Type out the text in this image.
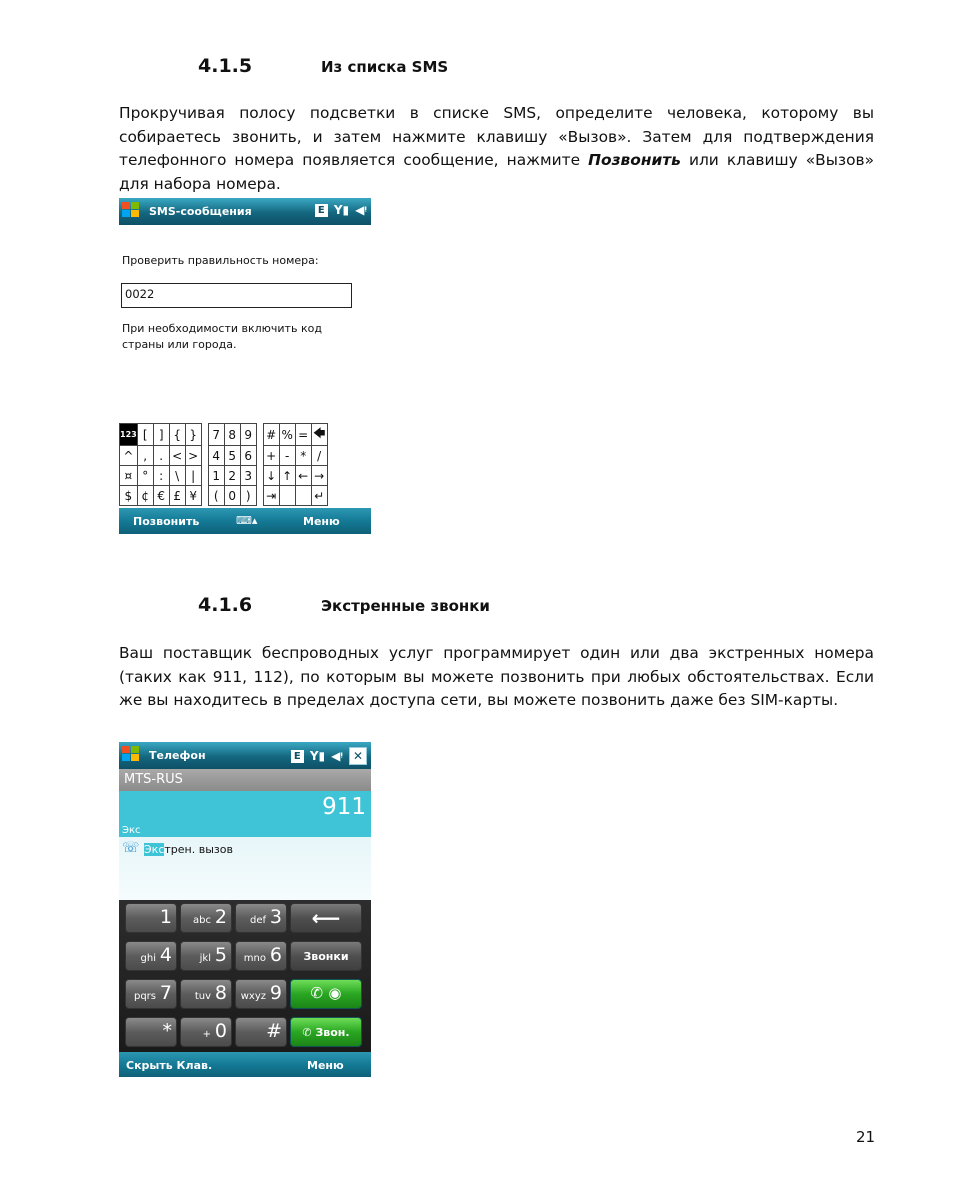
4.1.5	Из списка SMS
Прокручивая полосу подсветки в списке SMS, определите человека, которому вы собираетесь звонить, и затем нажмите клавишу «Вызов». Затем для подтверждения телефонного номера появляется сообщение, нажмите Позвонить или клавишу «Вызов» для набора номера.
SMS-сообщения	E Y▮ ◀ᵎ
Проверить правильность номера:
0022
При необходимости включить код
страны или города.
123	[	]	{	}		7	8	9		#	%	=	🡄
^	,	.	<	>		4	5	6		+	-	*	/
¤	°	:	\	|		1	2	3		↓	↑	←	→
$	¢	€	£	¥		(	0	)		⇥			↵
Позвонить	⌨▴	Меню
4.1.6	Экстренные звонки
Ваш поставщик беспроводных услуг программирует один или два экстренных номера (таких как 911, 112), по которым вы можете позвонить при любых обстоятельствах. Если же вы находитесь в пределах доступа сети, вы можете позвонить даже без SIM-карты.
Телефон	E Y▮ ◀ᵎ ✕
MTS-RUS
911
Экс
☏ Экстрен. вызов
⟵
Звонки
✆ ◉
✆ Звон.
1 abc 2 def 3
ghi 4	jkl 5 mno 6
pqrs 7 tuv 8 wxyz 9
*	+ 0 #
Скрыть Клав.	Меню
21
